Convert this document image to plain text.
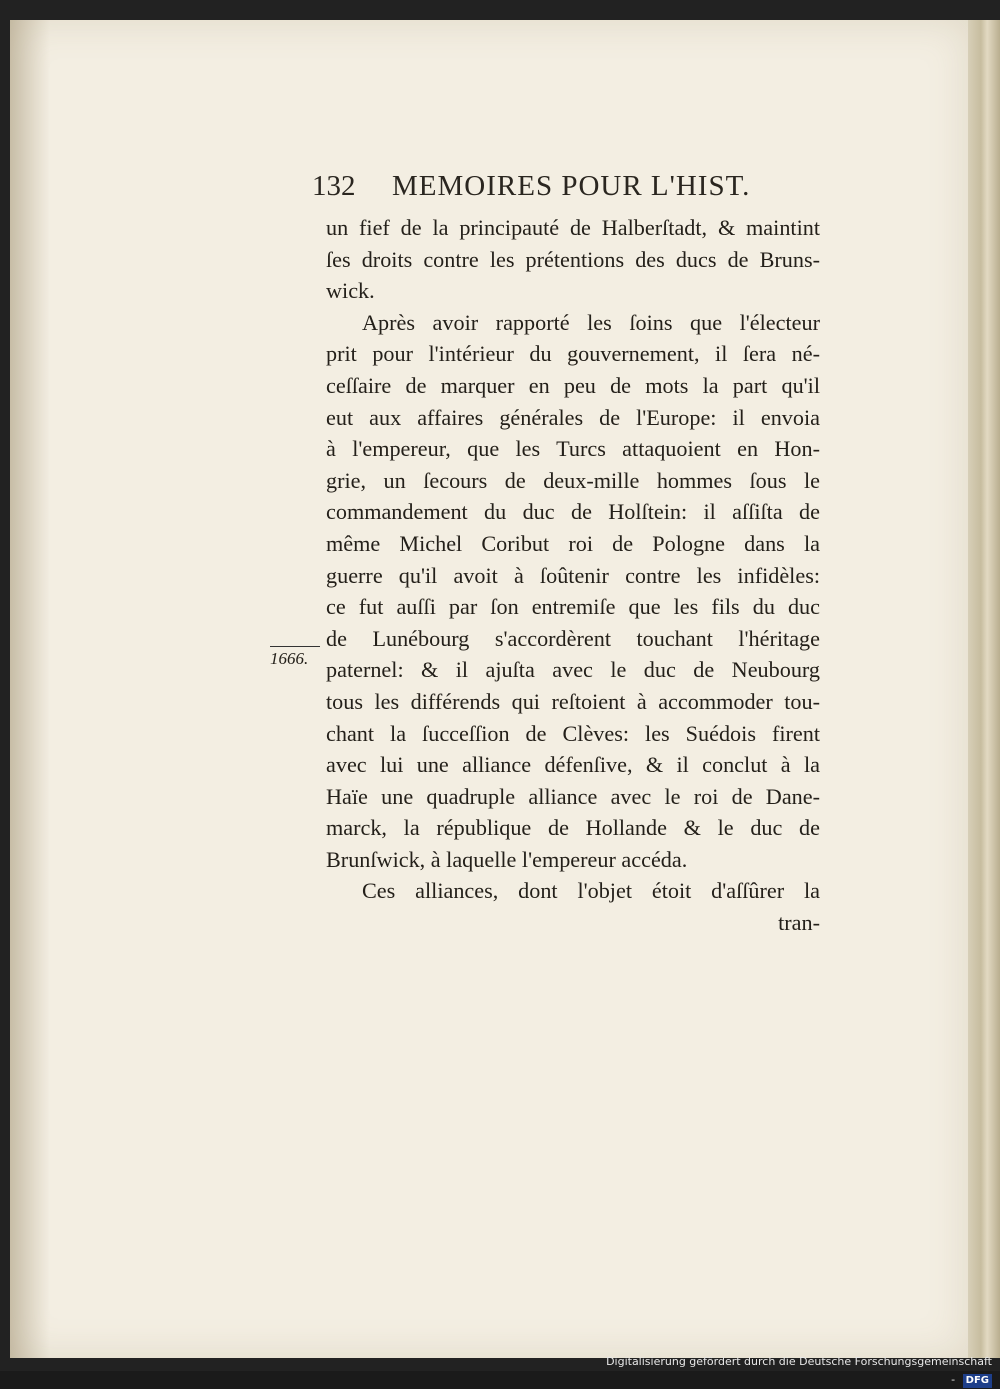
132 MEMOIRES POUR L'HIST.
un fief de la principauté de Halberſtadt, & maintint
ſes droits contre les prétentions des ducs de Bruns-
wick.
Après avoir rapporté les ſoins que l'électeur
prit pour l'intérieur du gouvernement, il ſera né-
ceſſaire de marquer en peu de mots la part qu'il
eut aux affaires générales de l'Europe: il envoia
à l'empereur, que les Turcs attaquoient en Hon-
grie, un ſecours de deux-mille hommes ſous le
commandement du duc de Holſtein: il aſſiſta de
même Michel Coribut roi de Pologne dans la
guerre qu'il avoit à ſoûtenir contre les infidèles:
ce fut auſſi par ſon entremiſe que les fils du duc
de Lunébourg s'accordèrent touchant l'héritage
paternel: & il ajuſta avec le duc de Neubourg
tous les différends qui reſtoient à accommoder tou-
chant la ſucceſſion de Clèves: les Suédois firent
avec lui une alliance défenſive, & il conclut à la
Haïe une quadruple alliance avec le roi de Dane-
marck, la république de Hollande & le duc de
Brunſwick, à laquelle l'empereur accéda.
Ces alliances, dont l'objet étoit d'aſſûrer la
tran-
1666.
Digitalisierung gefördert durch die Deutsche Forschungsgemeinschaft - DFG
